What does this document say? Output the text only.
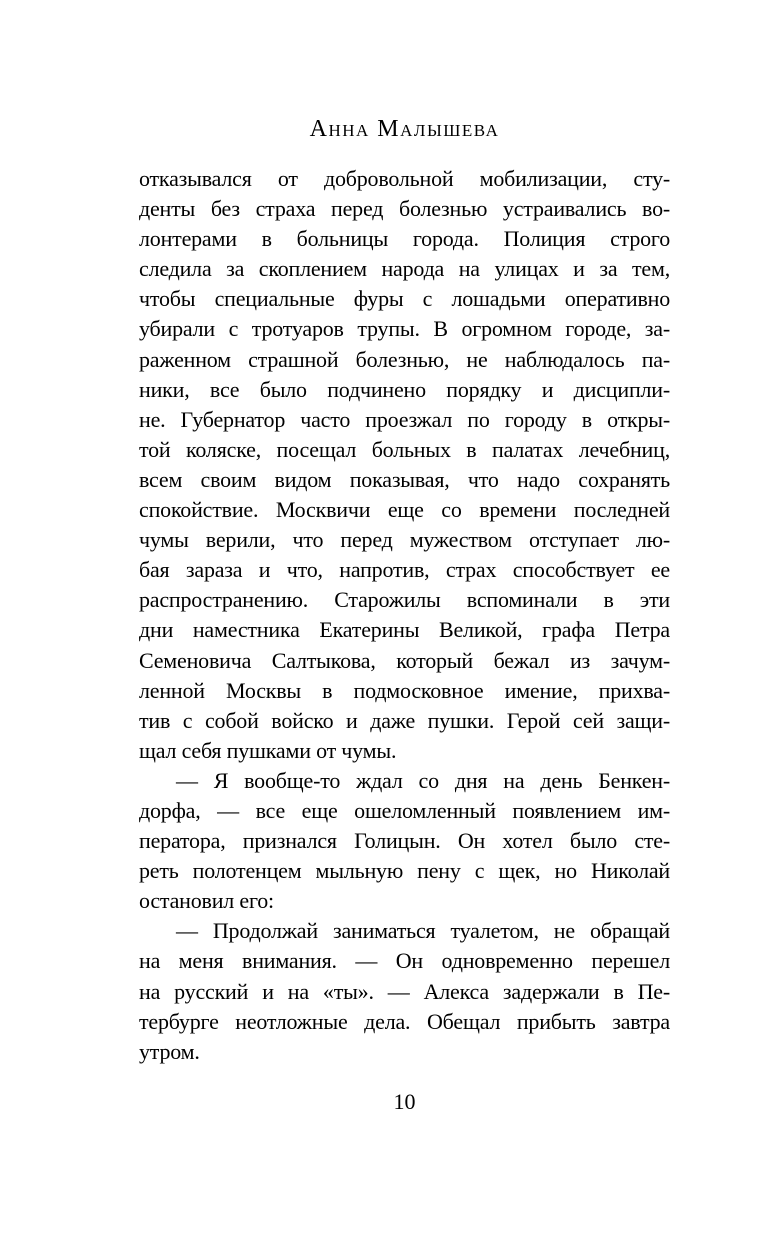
Анна Малышева
отказывался от добровольной мобилизации, сту-
денты без страха перед болезнью устраивались во-
лонтерами в больницы города. Полиция строго
следила за скоплением народа на улицах и за тем,
чтобы специальные фуры с лошадьми оперативно
убирали с тротуаров трупы. В огромном городе, за-
раженном страшной болезнью, не наблюдалось па-
ники, все было подчинено порядку и дисципли-
не. Губернатор часто проезжал по городу в откры-
той коляске, посещал больных в палатах лечебниц,
всем своим видом показывая, что надо сохранять
спокойствие. Москвичи еще со времени последней
чумы верили, что перед мужеством отступает лю-
бая зараза и что, напротив, страх способствует ее
распространению. Старожилы вспоминали в эти
дни наместника Екатерины Великой, графа Петра
Семеновича Салтыкова, который бежал из зачум-
ленной Москвы в подмосковное имение, прихва-
тив с собой войско и даже пушки. Герой сей защи-
щал себя пушками от чумы.
— Я вообще-то ждал со дня на день Бенкен-
дорфа, — все еще ошеломленный появлением им-
ператора, признался Голицын. Он хотел было сте-
реть полотенцем мыльную пену с щек, но Николай
остановил его:
— Продолжай заниматься туалетом, не обращай
на меня внимания. — Он одновременно перешел
на русский и на «ты». — Алекса задержали в Пе-
тербурге неотложные дела. Обещал прибыть завтра
утром.
10
